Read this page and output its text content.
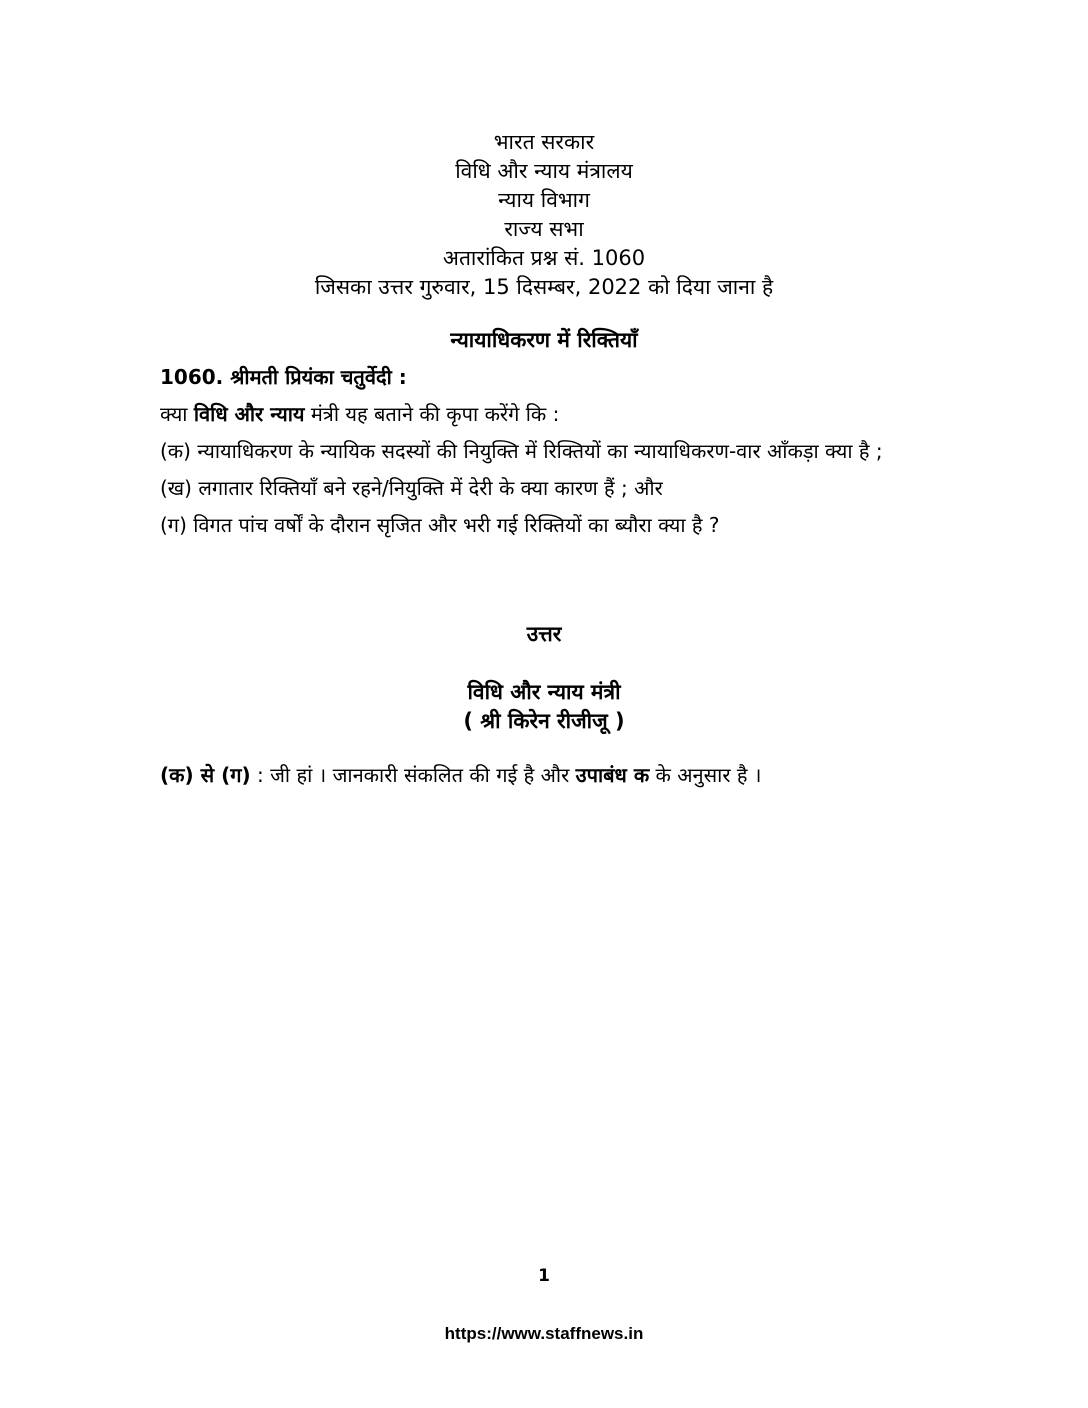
भारत सरकार
विधि और न्याय मंत्रालय
न्याय विभाग
राज्य सभा
अतारांकित प्रश्न सं. 1060
जिसका उत्तर गुरुवार, 15 दिसम्बर, 2022 को दिया जाना है
न्यायाधिकरण में रिक्तियाँ

1060. श्रीमती प्रियंका चतुर्वेदी :

क्या विधि और न्याय मंत्री यह बताने की कृपा करेंगे कि :

(क) न्यायाधिकरण के न्यायिक सदस्यों की नियुक्ति में रिक्तियों का न्यायाधिकरण-वार आँकड़ा क्या है ;

(ख) लगातार रिक्तियाँ बने रहने/नियुक्ति में देरी के क्या कारण हैं ; और

(ग) विगत पांच वर्षों के दौरान सृजित और भरी गई रिक्तियों का ब्यौरा क्या है ?

उत्तर
विधि और न्याय मंत्री
( श्री किरेन रीजीजू )
(क) से (ग) : जी हां । जानकारी संकलित की गई है और उपाबंध क के अनुसार है ।
1
https://www.staffnews.in
